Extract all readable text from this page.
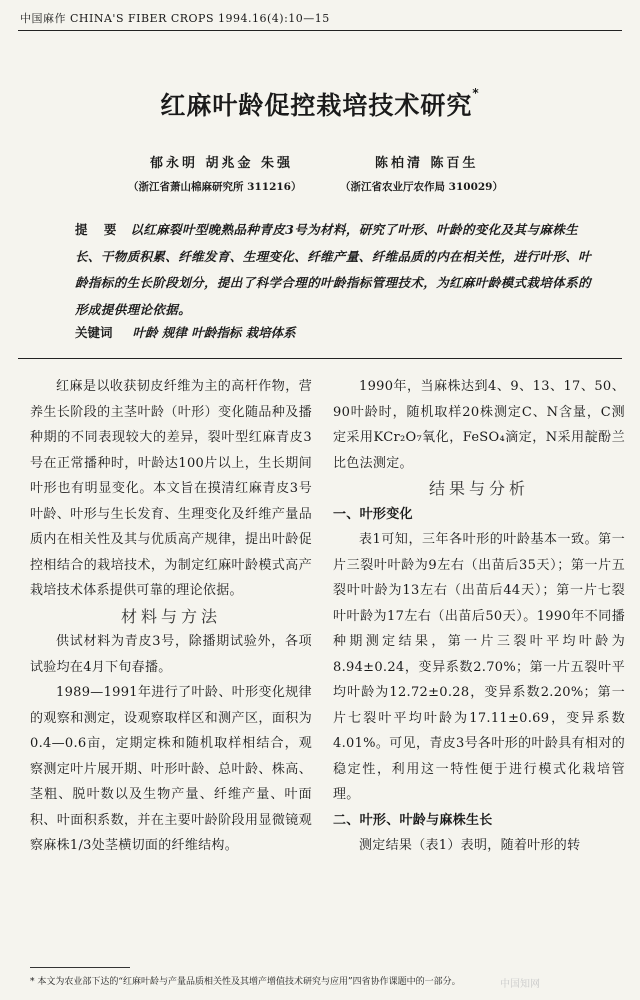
中国麻作 CHINA'S FIBER CROPS 1994.16(4):10—15
红麻叶龄促控栽培技术研究*
郁永明 胡兆金 朱强	陈柏清 陈百生
（浙江省萧山棉麻研究所 311216）	（浙江省农业厅农作局 310029）
提 要 以红麻裂叶型晚熟品种青皮3号为材料，研究了叶形、叶龄的变化及其与麻株生长、干物质积累、纤维发育、生理变化、纤维产量、纤维品质的内在相关性，进行叶形、叶龄指标的生长阶段划分，提出了科学合理的叶龄指标管理技术，为红麻叶龄模式栽培体系的形成提供理论依据。
关键词 叶龄 规律 叶龄指标 栽培体系

红麻是以收获韧皮纤维为主的高杆作物，营养生长阶段的主茎叶龄（叶形）变化随品种及播种期的不同表现较大的差异，裂叶型红麻青皮3号在正常播种时，叶龄达100片以上，生长期间叶形也有明显变化。本文旨在摸清红麻青皮3号叶龄、叶形与生长发育、生理变化及纤维产量品质内在相关性及其与优质高产规律，提出叶龄促控相结合的栽培技术，为制定红麻叶龄模式高产栽培技术体系提供可靠的理论依据。

材料与方法

供试材料为青皮3号，除播期试验外，各项试验均在4月下旬春播。

1989—1991年进行了叶龄、叶形变化规律的观察和测定，设观察取样区和测产区，面积为0.4—0.6亩，定期定株和随机取样相结合，观察测定叶片展开期、叶形叶龄、总叶龄、株高、茎粗、脱叶数以及生物产量、纤维产量、叶面积、叶面积系数，并在主要叶龄阶段用显微镜观察麻株1/3处茎横切面的纤维结构。

1990年，当麻株达到4、9、13、17、50、90叶龄时，随机取样20株测定C、N含量，C测定采用KCr₂O₇氧化，FeSO₄滴定，N采用靛酚兰比色法测定。

结果与分析

一、叶形变化

表1可知，三年各叶形的叶龄基本一致。第一片三裂叶叶龄为9左右（出苗后35天）；第一片五裂叶叶龄为13左右（出苗后44天）；第一片七裂叶叶龄为17左右（出苗后50天）。1990年不同播种期测定结果，第一片三裂叶平均叶龄为8.94±0.24，变异系数2.70%；第一片五裂叶平均叶龄为12.72±0.28，变异系数2.20%；第一片七裂叶平均叶龄为17.11±0.69，变异系数4.01%。可见，青皮3号各叶形的叶龄具有相对的稳定性，利用这一特性便于进行模式化栽培管理。

二、叶形、叶龄与麻株生长

测定结果（表1）表明，随着叶形的转

* 本文为农业部下达的“红麻叶龄与产量品质相关性及其增产增值技术研究与应用”四省协作课题中的一部分。	中国知网
